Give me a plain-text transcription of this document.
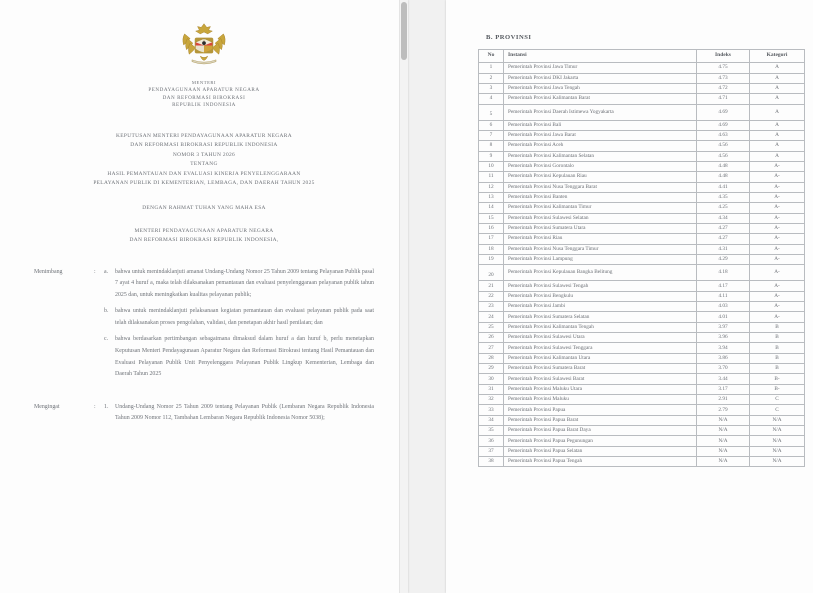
MENTERI
PENDAYAGUNAAN APARATUR NEGARA
DAN REFORMASI BIROKRASI
REPUBLIK INDONESIA
KEPUTUSAN MENTERI PENDAYAGUNAAN APARATUR NEGARA
DAN REFORMASI BIROKRASI REPUBLIK INDONESIA
NOMOR 3 TAHUN 2026
TENTANG
HASIL PEMANTAUAN DAN EVALUASI KINERJA PENYELENGGARAAN
PELAYANAN PUBLIK DI KEMENTERIAN, LEMBAGA, DAN DAERAH TAHUN 2025
DENGAN RAHMAT TUHAN YANG MAHA ESA
MENTERI PENDAYAGUNAAN APARATUR NEGARA
DAN REFORMASI BIROKRASI REPUBLIK INDONESIA,
Menimbang	:	a.	bahwa untuk menindaklanjuti amanat Undang-Undang Nomor 25 Tahun 2009 tentang Pelayanan Publik pasal 7 ayat 4 huruf a, maka telah dilaksanakan pemantauan dan evaluasi penyelenggaraan pelayanan publik tahun 2025 dan, untuk meningkatkan kualitas pelayanan publik;
b.	bahwa untuk menindaklanjuti pelaksanaan kegiatan pemantauan dan evaluasi pelayanan publik pada saat telah dilaksanakan proses pengolahan, validasi, dan penetapan akhir hasil penilaian; dan
c.	bahwa berdasarkan pertimbangan sebagaimana dimaksud dalam huruf a dan huruf b, perlu menetapkan Keputusan Menteri Pendayagunaan Aparatur Negara dan Reformasi Birokrasi tentang Hasil Pemantauan dan Evaluasi Pelayanan Publik Unit Penyelenggara Pelayanan Publik Lingkup Kementerian, Lembaga dan Daerah Tahun 2025
Mengingat	:	1.	Undang-Undang Nomor 25 Tahun 2009 tentang Pelayanan Publik (Lembaran Negara Republik Indonesia Tahun 2009 Nomor 112, Tambahan Lembaran Negara Republik Indonesia Nomor 5038);
B. PROVINSI
No	Instansi	Indeks	Kategori
1	Pemerintah Provinsi Jawa Timur	4.75	A
2	Pemerintah Provinsi DKI Jakarta	4.73	A
3	Pemerintah Provinsi Jawa Tengah	4.72	A
4	Pemerintah Provinsi Kalimantan Barat	4.71	A
5	Pemerintah Provinsi Daerah Istimewa Yogyakarta	4.69	A
6	Pemerintah Provinsi Bali	4.69	A
7	Pemerintah Provinsi Jawa Barat	4.63	A
8	Pemerintah Provinsi Aceh	4.56	A
9	Pemerintah Provinsi Kalimantan Selatan	4.56	A
10	Pemerintah Provinsi Gorontalo	4.48	A-
11	Pemerintah Provinsi Kepulauan Riau	4.48	A-
12	Pemerintah Provinsi Nusa Tenggara Barat	4.41	A-
13	Pemerintah Provinsi Banten	4.35	A-
14	Pemerintah Provinsi Kalimantan Timur	4.25	A-
15	Pemerintah Provinsi Sulawesi Selatan	4.34	A-
16	Pemerintah Provinsi Sumatera Utara	4.27	A-
17	Pemerintah Provinsi Riau	4.27	A-
18	Pemerintah Provinsi Nusa Tenggara Timur	4.31	A-
19	Pemerintah Provinsi Lampung	4.29	A-
20	Pemerintah Provinsi Kepulauan Bangka Belitung	4.18	A-
21	Pemerintah Provinsi Sulawesi Tengah	4.17	A-
22	Pemerintah Provinsi Bengkulu	4.11	A-
23	Pemerintah Provinsi Jambi	4.03	A-
24	Pemerintah Provinsi Sumatera Selatan	4.01	A-
25	Pemerintah Provinsi Kalimantan Tengah	3.97	B
26	Pemerintah Provinsi Sulawesi Utara	3.96	B
27	Pemerintah Provinsi Sulawesi Tenggara	3.94	B
28	Pemerintah Provinsi Kalimantan Utara	3.86	B
29	Pemerintah Provinsi Sumatera Barat	3.70	B
30	Pemerintah Provinsi Sulawesi Barat	3.44	B-
31	Pemerintah Provinsi Maluku Utara	3.17	B-
32	Pemerintah Provinsi Maluku	2.91	C
33	Pemerintah Provinsi Papua	2.79	C
34	Pemerintah Provinsi Papua Barat	N/A	N/A
35	Pemerintah Provinsi Papua Barat Daya	N/A	N/A
36	Pemerintah Provinsi Papua Pegunungan	N/A	N/A
37	Pemerintah Provinsi Papua Selatan	N/A	N/A
38	Pemerintah Provinsi Papua Tengah	N/A	N/A
